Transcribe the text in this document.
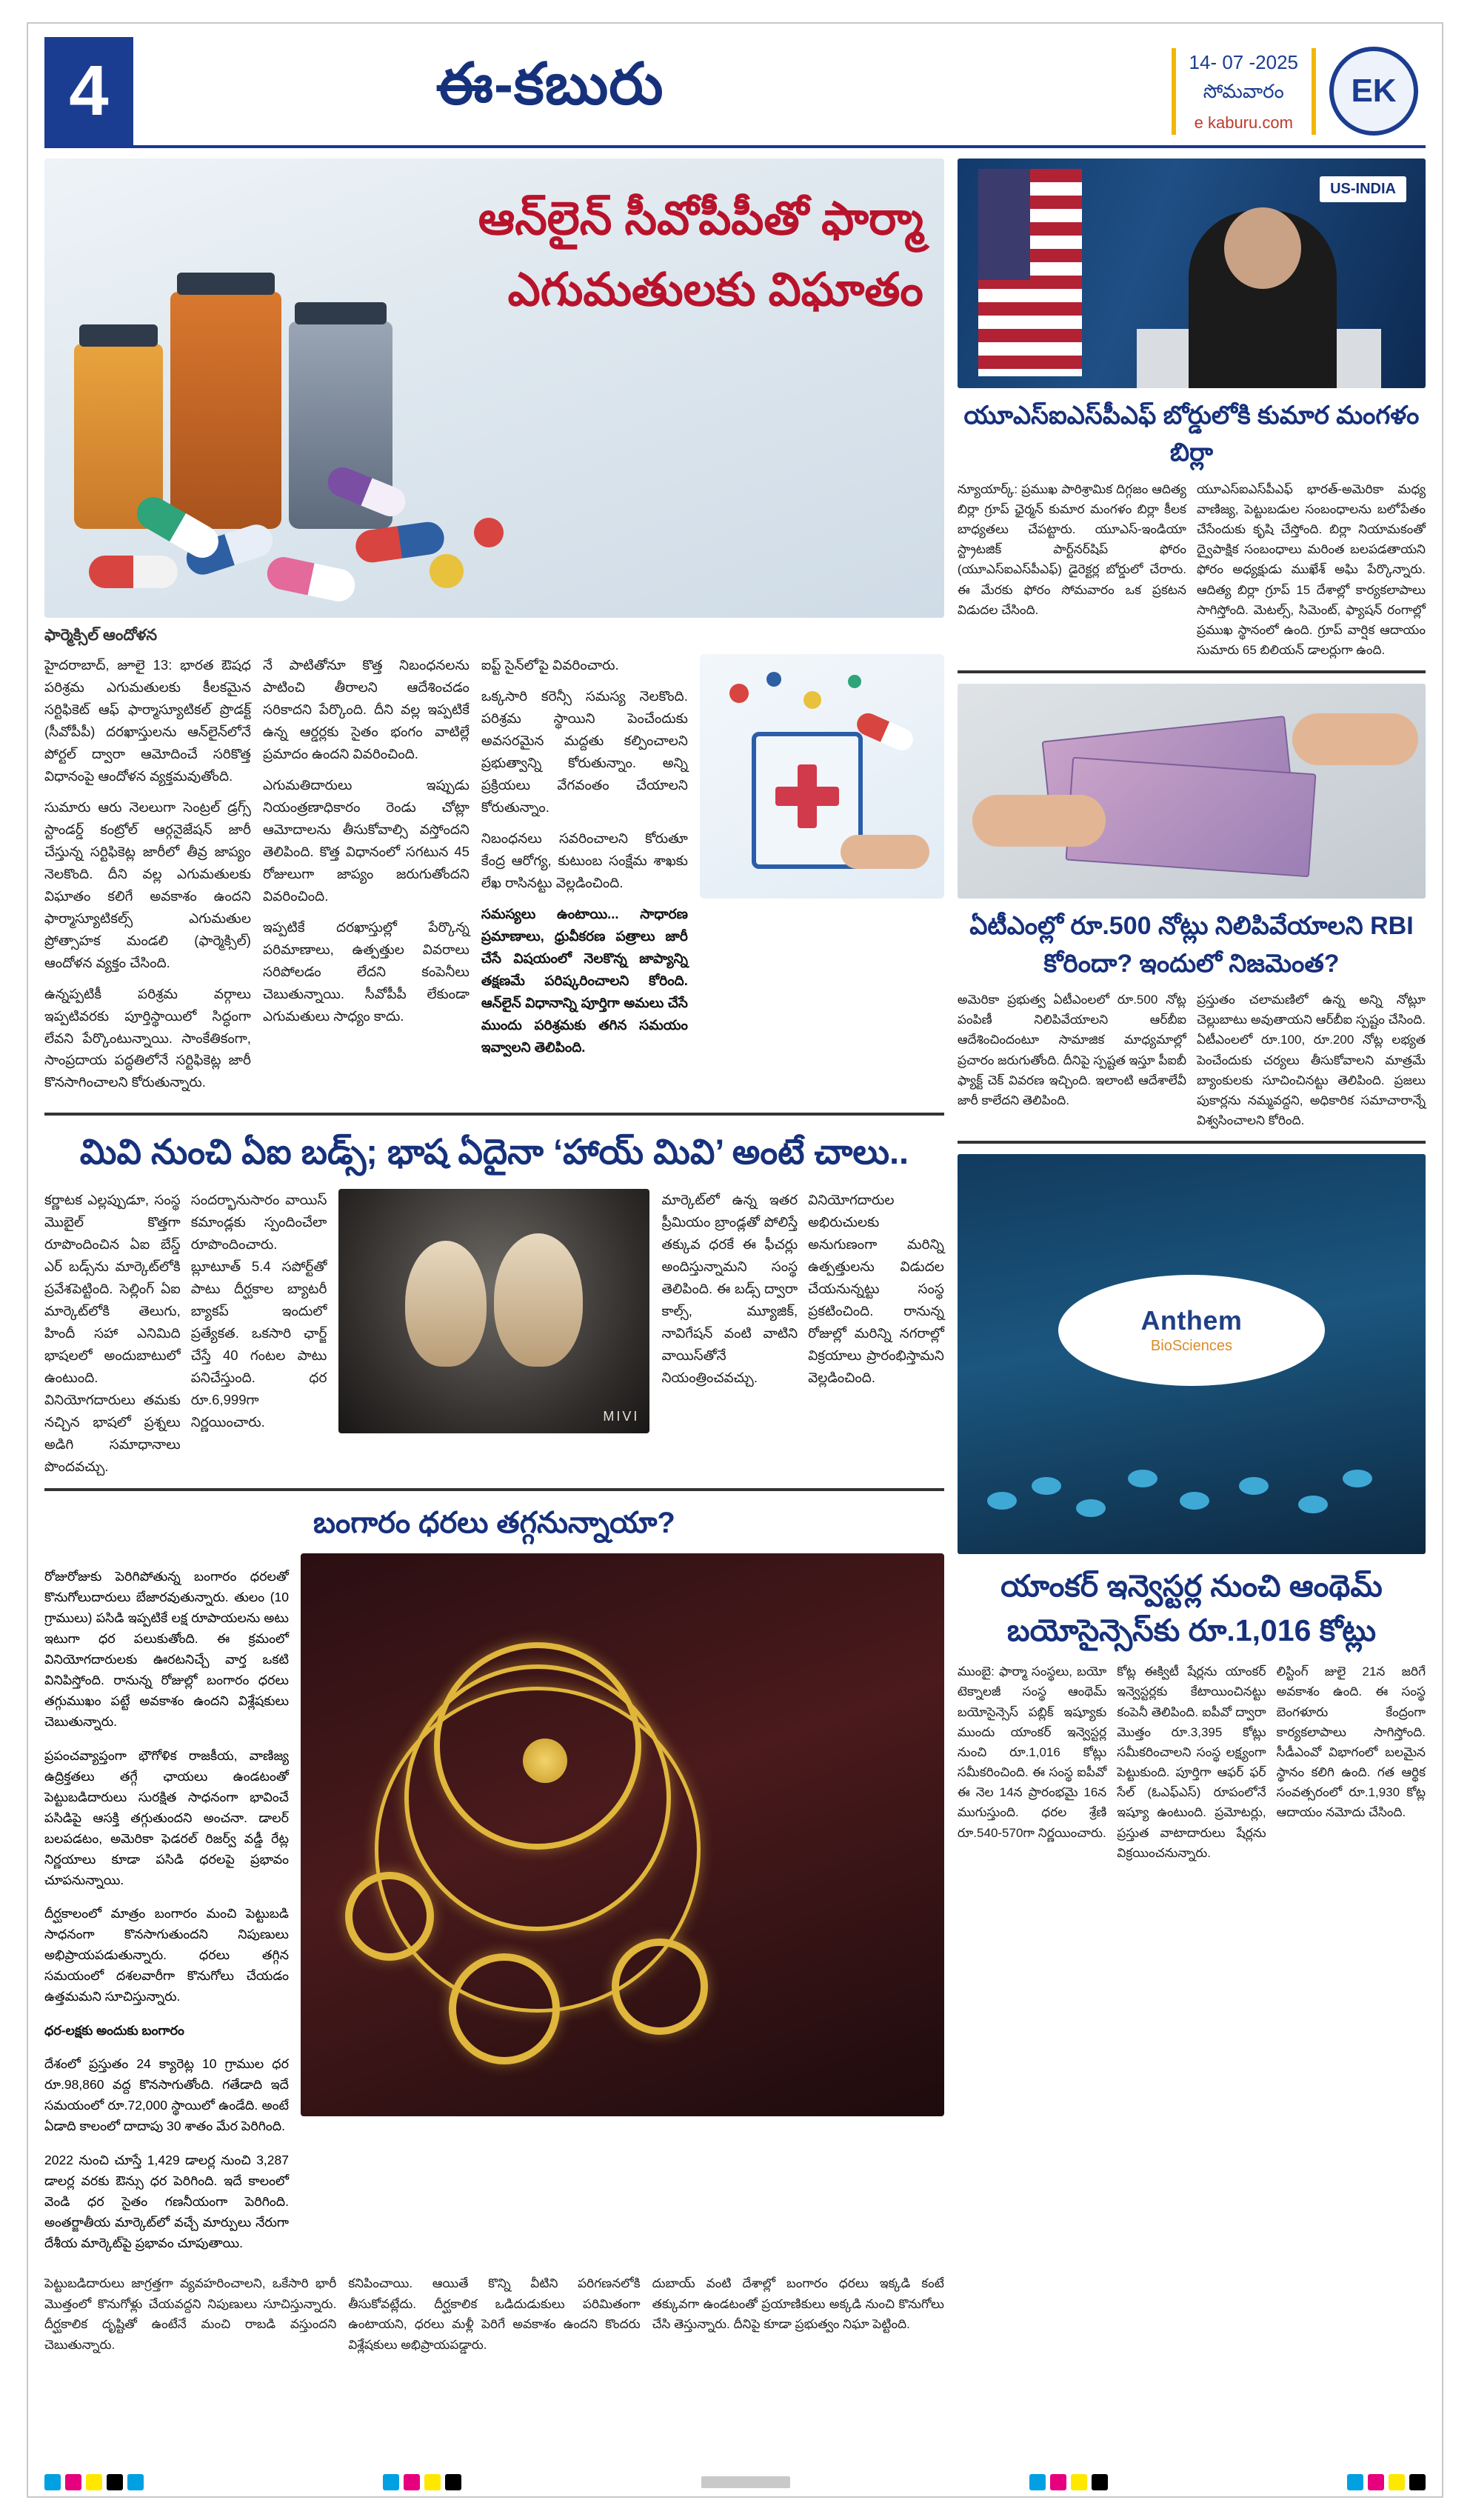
4	ఈ-కబురు	14- 07 -2025
సోమవారం
e kaburu.com
EK
ఆన్‌లైన్ సీవోపీపీతో ఫార్మా ఎగుమతులకు విఘాతం
ఫార్మెక్సిల్ ఆందోళన

హైదరాబాద్, జూలై 13: భారత ఔషధ పరిశ్రమ ఎగుమతులకు కీలకమైన సర్టిఫికెట్ ఆఫ్ ఫార్మాస్యూటికల్ ప్రొడక్ట్ (సీవోపీపీ) దరఖాస్తులను ఆన్‌లైన్‌లోనే పోర్టల్ ద్వారా ఆమోదించే సరికొత్త విధానంపై ఆందోళన వ్యక్తమవుతోంది.

సుమారు ఆరు నెలలుగా సెంట్రల్ డ్రగ్స్ స్టాండర్డ్ కంట్రోల్ ఆర్గనైజేషన్ జారీ చేస్తున్న సర్టిఫికెట్ల జారీలో తీవ్ర జాప్యం నెలకొంది. దీని వల్ల ఎగుమతులకు విఘాతం కలిగే అవకాశం ఉందని ఫార్మాస్యూటికల్స్ ఎగుమతుల ప్రోత్సాహక మండలి (ఫార్మెక్సిల్) ఆందోళన వ్యక్తం చేసింది.

ఉన్నప్పటికీ పరిశ్రమ వర్గాలు ఇప్పటివరకు పూర్తిస్థాయిలో సిద్ధంగా లేవని పేర్కొంటున్నాయి. సాంకేతికంగా, సాంప్రదాయ పద్ధతిలోనే సర్టిఫికెట్ల జారీ కొనసాగించాలని కోరుతున్నారు.

నే పాటితోనూ కొత్త నిబంధనలను పాటించి తీరాలని ఆదేశించడం సరికాదని పేర్కొంది. దీని వల్ల ఇప్పటికే ఉన్న ఆర్డర్లకు సైతం భంగం వాటిల్లే ప్రమాదం ఉందని వివరించింది.

ఎగుమతిదారులు ఇప్పుడు నియంత్రణాధికారం రెండు చోట్లా ఆమోదాలను తీసుకోవాల్సి వస్తోందని తెలిపింది. కొత్త విధానంలో సగటున 45 రోజులుగా జాప్యం జరుగుతోందని వివరించింది.

ఇప్పటికే దరఖాస్తుల్లో పేర్కొన్న పరిమాణాలు, ఉత్పత్తుల వివరాలు సరిపోలడం లేదని కంపెనీలు చెబుతున్నాయి. సీవోపీపీ లేకుండా ఎగుమతులు సాధ్యం కాదు.

ఐప్ట్‌ సైన్‌లోపై వివరించారు.

ఒక్కసారి కరెన్సీ సమస్య నెలకొంది. పరిశ్రమ స్థాయిని పెంచేందుకు అవసరమైన మద్దతు కల్పించాలని ప్రభుత్వాన్ని కోరుతున్నాం. అన్ని ప్రక్రియలు వేగవంతం చేయాలని కోరుతున్నాం.

నిబంధనలు సవరించాలని కోరుతూ కేంద్ర ఆరోగ్య, కుటుంబ సంక్షేమ శాఖకు లేఖ రాసినట్టు వెల్లడించింది.

సమస్యలు ఉంటాయి... సాధారణ ప్రమాణాలు, ధ్రువీకరణ పత్రాలు జారీ చేసే విషయంలో నెలకొన్న జాప్యాన్ని తక్షణమే పరిష్కరించాలని కోరింది. ఆన్‌లైన్ విధానాన్ని పూర్తిగా అమలు చేసే ముందు పరిశ్రమకు తగిన సమయం ఇవ్వాలని తెలిపింది.

మివి నుంచి ఏఐ బడ్స్; భాష ఏదైనా ‘హాయ్ మివి’ అంటే చాలు..
కర్ణాటక ఎల్లప్పుడూ, సంస్థ మొబైల్ కొత్తగా రూపొందించిన ఏఐ బేస్డ్ ఎర్‌ బడ్స్‌ను మార్కెట్‌లోకి ప్రవేశపెట్టింది. సెల్లింగ్‌ ఏఐ మార్కెట్‌లోకి తెలుగు, హిందీ సహా ఎనిమిది భాషలలో అందుబాటులో ఉంటుంది. వినియోగదారులు తమకు నచ్చిన భాషలో ప్రశ్నలు అడిగి సమాధానాలు పొందవచ్చు.
సందర్భానుసారం వాయిస్ కమాండ్లకు స్పందించేలా రూపొందించారు. బ్లూటూత్ 5.4 సపోర్ట్‌తో పాటు దీర్ఘకాల బ్యాటరీ బ్యాకప్ ఇందులో ప్రత్యేకత. ఒకసారి ఛార్జ్ చేస్తే 40 గంటల పాటు పనిచేస్తుంది. ధర రూ.6,999గా నిర్ణయించారు.	MIVI
మార్కెట్‌లో ఉన్న ఇతర ప్రీమియం బ్రాండ్లతో పోలిస్తే తక్కువ ధరకే ఈ ఫీచర్లు అందిస్తున్నామని సంస్థ తెలిపింది. ఈ బడ్స్ ద్వారా కాల్స్, మ్యూజిక్, నావిగేషన్ వంటి వాటిని వాయిస్‌తోనే నియంత్రించవచ్చు.
వినియోగదారుల అభిరుచులకు అనుగుణంగా మరిన్ని ఉత్పత్తులను విడుదల చేయనున్నట్టు సంస్థ ప్రకటించింది. రానున్న రోజుల్లో మరిన్ని నగరాల్లో విక్రయాలు ప్రారంభిస్తామని వెల్లడించింది.
బంగారం ధరలు తగ్గనున్నాయా?

రోజురోజుకు పెరిగిపోతున్న బంగారం ధరలతో కొనుగోలుదారులు బేజారవుతున్నారు. తులం (10 గ్రాములు) పసిడి ఇప్పటికే లక్ష రూపాయలను అటు ఇటుగా ధర పలుకుతోంది. ఈ క్రమంలో వినియోగదారులకు ఊరటనిచ్చే వార్త ఒకటి వినిపిస్తోంది. రానున్న రోజుల్లో బంగారం ధరలు తగ్గుముఖం పట్టే అవకాశం ఉందని విశ్లేషకులు చెబుతున్నారు.

ప్రపంచవ్యాప్తంగా భౌగోళిక రాజకీయ, వాణిజ్య ఉద్రిక్తతలు తగ్గే ఛాయలు ఉండటంతో పెట్టుబడిదారులు సురక్షిత సాధనంగా భావించే పసిడిపై ఆసక్తి తగ్గుతుందని అంచనా. డాలర్ బలపడటం, అమెరికా ఫెడరల్ రిజర్వ్ వడ్డీ రేట్ల నిర్ణయాలు కూడా పసిడి ధరలపై ప్రభావం చూపనున్నాయి.

దీర్ఘకాలంలో మాత్రం బంగారం మంచి పెట్టుబడి సాధనంగా కొనసాగుతుందని నిపుణులు అభిప్రాయపడుతున్నారు. ధరలు తగ్గిన సమయంలో దశలవారీగా కొనుగోలు చేయడం ఉత్తమమని సూచిస్తున్నారు.

ధర-లక్షకు అందుకు బంగారం

దేశంలో ప్రస్తుతం 24 క్యారెట్ల 10 గ్రాముల ధర రూ.98,860 వద్ద కొనసాగుతోంది. గతేడాది ఇదే సమయంలో రూ.72,000 స్థాయిలో ఉండేది. అంటే ఏడాది కాలంలో దాదాపు 30 శాతం మేర పెరిగింది.

2022 నుంచి చూస్తే 1,429 డాలర్ల నుంచి 3,287 డాలర్ల వరకు ఔన్సు ధర పెరిగింది. ఇదే కాలంలో వెండి ధర సైతం గణనీయంగా పెరిగింది. అంతర్జాతీయ మార్కెట్‌లో వచ్చే మార్పులు నేరుగా దేశీయ మార్కెట్‌పై ప్రభావం చూపుతాయి.

పెట్టుబడిదారులు జాగ్రత్తగా వ్యవహరించాలని, ఒకేసారి భారీ మొత్తంలో కొనుగోళ్లు చేయవద్దని నిపుణులు సూచిస్తున్నారు. దీర్ఘకాలిక దృష్టితో ఉంటేనే మంచి రాబడి వస్తుందని చెబుతున్నారు.
కనిపించాయి. ఆయితే కొన్ని వీటిని పరిగణనలోకి తీసుకోవట్లేదు. దీర్ఘకాలిక ఒడిదుడుకులు పరిమితంగా ఉంటాయని, ధరలు మళ్లీ పెరిగే అవకాశం ఉందని కొందరు విశ్లేషకులు అభిప్రాయపడ్డారు.
దుబాయ్ వంటి దేశాల్లో బంగారం ధరలు ఇక్కడి కంటే తక్కువగా ఉండటంతో ప్రయాణికులు అక్కడి నుంచి కొనుగోలు చేసి తెస్తున్నారు. దీనిపై కూడా ప్రభుత్వం నిఘా పెట్టింది.
US-INDIA
యూఎస్‌ఐఎస్‌పీఎఫ్ బోర్డులోకి కుమార మంగళం బిర్లా
న్యూయార్క్: ప్రముఖ పారిశ్రామిక దిగ్గజం ఆదిత్య బిర్లా గ్రూప్ ఛైర్మన్ కుమార మంగళం బిర్లా కీలక బాధ్యతలు చేపట్టారు. యూఎస్-ఇండియా స్ట్రాటజిక్ పార్ట్‌నర్‌షిప్ ఫోరం (యూఎస్‌ఐఎస్‌పీఎఫ్) డైరెక్టర్ల బోర్డులో చేరారు. ఈ మేరకు ఫోరం సోమవారం ఒక ప్రకటన విడుదల చేసింది.
యూఎస్‌ఐఎస్‌పీఎఫ్ భారత్-అమెరికా మధ్య వాణిజ్య, పెట్టుబడుల సంబంధాలను బలోపేతం చేసేందుకు కృషి చేస్తోంది. బిర్లా నియామకంతో ద్వైపాక్షిక సంబంధాలు మరింత బలపడతాయని ఫోరం అధ్యక్షుడు ముఖేశ్ అఘి పేర్కొన్నారు. ఆదిత్య బిర్లా గ్రూప్ 15 దేశాల్లో కార్యకలాపాలు సాగిస్తోంది. మెటల్స్, సిమెంట్, ఫ్యాషన్ రంగాల్లో ప్రముఖ స్థానంలో ఉంది. గ్రూప్ వార్షిక ఆదాయం సుమారు 65 బిలియన్ డాలర్లుగా ఉంది.
ఏటీఎంల్లో రూ.500 నోట్లు నిలిపివేయాలని RBI కోరిందా? ఇందులో నిజమెంత?
అమెరికా ప్రభుత్వ ఏటీఎంలలో రూ.500 నోట్ల పంపిణీ నిలిపివేయాలని ఆర్‌బీఐ ఆదేశించిందంటూ సామాజిక మాధ్యమాల్లో ప్రచారం జరుగుతోంది. దీనిపై స్పష్టత ఇస్తూ పీఐబీ ఫ్యాక్ట్ చెక్ వివరణ ఇచ్చింది. ఇలాంటి ఆదేశాలేవీ జారీ కాలేదని తెలిపింది.
ప్రస్తుతం చలామణిలో ఉన్న అన్ని నోట్లూ చెల్లుబాటు అవుతాయని ఆర్‌బీఐ స్పష్టం చేసింది. ఏటీఎంలలో రూ.100, రూ.200 నోట్ల లభ్యత పెంచేందుకు చర్యలు తీసుకోవాలని మాత్రమే బ్యాంకులకు సూచించినట్టు తెలిపింది. ప్రజలు పుకార్లను నమ్మవద్దని, అధికారిక సమాచారాన్నే విశ్వసించాలని కోరింది.
Anthem
BioSciences
యాంకర్ ఇన్వెస్టర్ల నుంచి ఆంథెమ్ బయోసైన్సెస్‌కు రూ.1,016 కోట్లు
ముంబై: ఫార్మా సంస్థలు, బయో టెక్నాలజీ సంస్థ ఆంథెమ్ బయోసైన్సెస్ పబ్లిక్ ఇష్యూకు ముందు యాంకర్ ఇన్వెస్టర్ల నుంచి రూ.1,016 కోట్లు సమీకరించింది. ఈ సంస్థ ఐపీవో ఈ నెల 14న ప్రారంభమై 16న ముగుస్తుంది. ధరల శ్రేణి రూ.540-570గా నిర్ణయించారు.
కోట్ల ఈక్విటీ షేర్లను యాంకర్ ఇన్వెస్టర్లకు కేటాయించినట్టు కంపెనీ తెలిపింది. ఐపీవో ద్వారా మొత్తం రూ.3,395 కోట్లు సమీకరించాలని సంస్థ లక్ష్యంగా పెట్టుకుంది. పూర్తిగా ఆఫర్ ఫర్ సేల్ (ఓఎఫ్‌ఎస్) రూపంలోనే ఇష్యూ ఉంటుంది. ప్రమోటర్లు, ప్రస్తుత వాటాదారులు షేర్లను విక్రయించనున్నారు.
లిస్టింగ్ జులై 21న జరిగే అవకాశం ఉంది. ఈ సంస్థ బెంగళూరు కేంద్రంగా కార్యకలాపాలు సాగిస్తోంది. సీడీఎంవో విభాగంలో బలమైన స్థానం కలిగి ఉంది. గత ఆర్థిక సంవత్సరంలో రూ.1,930 కోట్ల ఆదాయం నమోదు చేసింది.
